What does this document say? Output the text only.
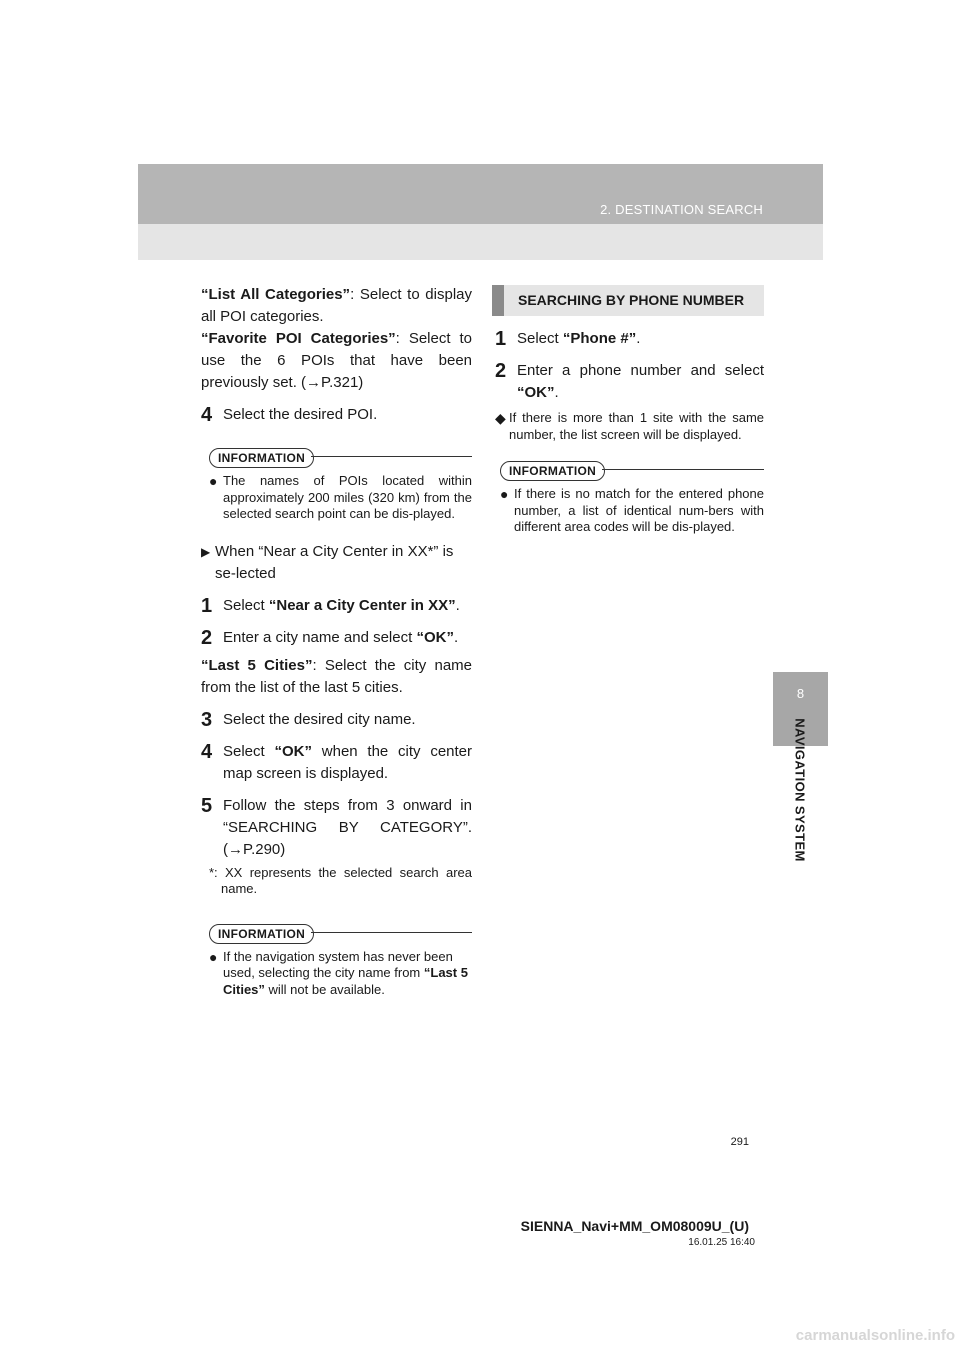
2. DESTINATION SEARCH
8
NAVIGATION SYSTEM

“List All Categories”: Select to display all POI categories.

“Favorite POI Categories”: Select to use the 6 POIs that have been previously set. (→P.321)

4 Select the desired POI.
INFORMATION
● The names of POIs located within approximately 200 miles (320 km) from the selected search point can be dis-played.
▶ When “Near a City Center in XX*” is se-lected
1 Select “Near a City Center in XX”.
2 Enter a city name and select “OK”.

“Last 5 Cities”: Select the city name from the list of the last 5 cities.

3 Select the desired city name.
4 Select “OK” when the city center map screen is displayed.
5 Follow the steps from 3 onward in “SEARCHING BY CATEGORY”. (→P.290)
*: XX represents the selected search area name.
INFORMATION
● If the navigation system has never been used, selecting the city name from “Last 5 Cities” will not be available.
SEARCHING BY PHONE NUMBER
1 Select “Phone #”.
2 Enter a phone number and select “OK”.
◆ If there is more than 1 site with the same number, the list screen will be displayed.
INFORMATION
● If there is no match for the entered phone number, a list of identical num-bers with different area codes will be dis-played.
291
SIENNA_Navi+MM_OM08009U_(U)
16.01.25 16:40
carmanualsonline.info
